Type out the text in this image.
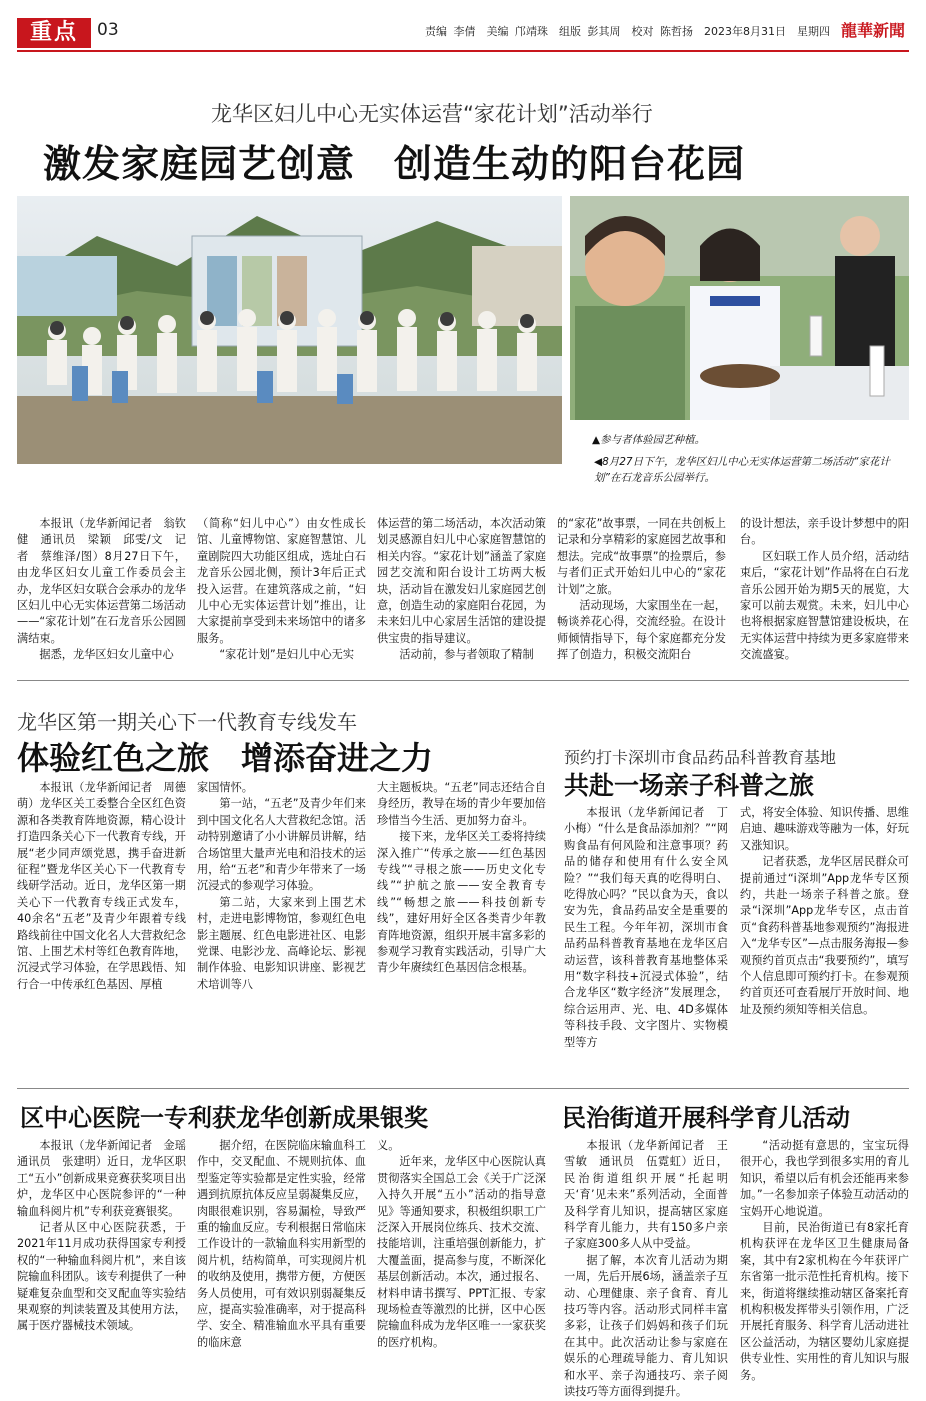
重点	03	责编 李倩　美编 邝靖珠　组版 彭其周　校对 陈哲扬　2023年8月31日　星期四 龍華新聞
龙华区妇儿中心无实体运营“家花计划”活动举行
激发家庭园艺创意　创造生动的阳台花园
▲参与者体验园艺种植。
◀8月27日下午，龙华区妇儿中心无实体运营第二场活动“家花计划”在石龙音乐公园举行。

本报讯（龙华新闻记者　翁钦健　通讯员　梁颖　邱雯/文　记者　蔡维泽/图）8月27日下午，由龙华区妇女儿童工作委员会主办，龙华区妇女联合会承办的龙华区妇儿中心无实体运营第二场活动——“家花计划”在石龙音乐公园圆满结束。

据悉，龙华区妇女儿童中心

（简称“妇儿中心”）由女性成长馆、儿童博物馆、家庭智慧馆、儿童剧院四大功能区组成，选址白石龙音乐公园北侧，预计3年后正式投入运营。在建筑落成之前，“妇儿中心无实体运营计划”推出，让大家提前享受到未来场馆中的诸多服务。

“家花计划”是妇儿中心无实

体运营的第二场活动，本次活动策划灵感源自妇儿中心家庭智慧馆的相关内容。“家花计划”涵盖了家庭园艺交流和阳台设计工坊两大板块，活动旨在激发妇儿家庭园艺创意，创造生动的家庭阳台花园，为未来妇儿中心家居生活馆的建设提供宝贵的指导建议。

活动前，参与者领取了精制

的“家花”故事票，一同在共创板上记录和分享精彩的家庭园艺故事和想法。完成“故事票”的捡票后，参与者们正式开始妇儿中心的“家花计划”之旅。

活动现场，大家围坐在一起，畅谈养花心得，交流经验。在设计师倾情指导下，每个家庭都充分发挥了创造力，积极交流阳台

的设计想法，亲手设计梦想中的阳台。

区妇联工作人员介绍，活动结束后，“家花计划”作品将在白石龙音乐公园开始为期5天的展览，大家可以前去观赏。未来，妇儿中心也将根据家庭智慧馆建设板块，在无实体运营中持续为更多家庭带来交流盛宴。

龙华区第一期关心下一代教育专线发车
体验红色之旅　增添奋进之力

本报讯（龙华新闻记者　周德萌）龙华区关工委整合全区红色资源和各类教育阵地资源，精心设计打造四条关心下一代教育专线，开展“老少同声颂党恩，携手奋进新征程”暨龙华区关心下一代教育专线研学活动。近日，龙华区第一期关心下一代教育专线正式发车，40余名“五老”及青少年跟着专线路线前往中国文化名人大营救纪念馆、上围艺术村等红色教育阵地，沉浸式学习体验，在学思践悟、知行合一中传承红色基因、厚植

家国情怀。

第一站，“五老”及青少年们来到中国文化名人大营救纪念馆。活动特别邀请了小小讲解员讲解，结合场馆里大量声光电和沿技术的运用，给“五老”和青少年带来了一场沉浸式的参观学习体验。

第二站，大家来到上围艺术村，走进电影博物馆，参观红色电影主题展、红色电影进社区、电影党课、电影沙龙、高峰论坛、影视制作体验、电影知识讲座、影视艺术培训等八

大主题板块。“五老”同志还结合自身经历，教导在场的青少年要加倍珍惜当今生活、更加努力奋斗。

接下来，龙华区关工委将持续深入推广“传承之旅——红色基因专线”“寻根之旅——历史文化专线”“护航之旅——安全教育专线”“畅想之旅——科技创新专线”，建好用好全区各类青少年教育阵地资源，组织开展丰富多彩的参观学习教育实践活动，引导广大青少年赓续红色基因信念根基。

预约打卡深圳市食品药品科普教育基地
共赴一场亲子科普之旅

本报讯（龙华新闻记者　丁小梅）“什么是食品添加剂？”“网购食品有何风险和注意事项？药品的储存和使用有什么安全风险？”“我们每天真的吃得明白、吃得放心吗？”民以食为天，食以安为先，食品药品安全是重要的民生工程。今年年初，深圳市食品药品科普教育基地在龙华区启动运营，该科普教育基地整体采用“数字科技+沉浸式体验”，结合龙华区“数字经济”发展理念，综合运用声、光、电、4D多媒体等科技手段、文字图片、实物模型等方

式，将安全体验、知识传播、思维启迪、趣味游戏等融为一体，好玩又涨知识。

记者获悉，龙华区居民群众可提前通过“i深圳”App龙华专区预约，共赴一场亲子科普之旅。登录“i深圳”App龙华专区，点击首页“食药科普基地参观预约”海报进入“龙华专区”—点击服务海报—参观预约首页点击“我要预约”，填写个人信息即可预约打卡。在参观预约首页还可查看展厅开放时间、地址及预约须知等相关信息。

区中心医院一专利获龙华创新成果银奖

本报讯（龙华新闻记者　金瑶　通讯员　张建明）近日，龙华区职工“五小”创新成果竞赛获奖项目出炉，龙华区中心医院参评的“一种输血科阅片机”专利获竞赛银奖。

记者从区中心医院获悉，于2021年11月成功获得国家专利授权的“一种输血科阅片机”，来自该院输血科团队。该专利提供了一种疑难复杂血型和交叉配血等实验结果观察的判读装置及其使用方法，属于医疗器械技术领域。

据介绍，在医院临床输血科工作中，交叉配血、不规则抗体、血型鉴定等实验都是定性实验，经常遇到抗原抗体反应呈弱凝集反应，肉眼很难识别，容易漏检，导致严重的输血反应。专利根据日常临床工作设计的一款输血科实用新型的阅片机，结构简单，可实现阅片机的收纳及使用，携带方便，方便医务人员使用，可有效识别弱凝集反应，提高实验准确率，对于提高科学、安全、精准输血水平具有重要的临床意

义。

近年来，龙华区中心医院认真贯彻落实全国总工会《关于广泛深入持久开展“五小”活动的指导意见》等通知要求，积极组织职工广泛深入开展岗位练兵、技术交流、技能培训，注重培强创新能力，扩大覆盖面，提高参与度，不断深化基层创新活动。本次，通过报名、材料申请书撰写、PPT汇报、专家现场检查等激烈的比拼，区中心医院输血科成为龙华区唯一一家获奖的医疗机构。

民治街道开展科学育儿活动

本报讯（龙华新闻记者　王雪敏　通讯员　伍霓虹）近日，民治街道组织开展“托起明天‘育’见未来”系列活动，全面普及科学育儿知识，提高辖区家庭科学育儿能力，共有150多户亲子家庭300多人从中受益。

据了解，本次育儿活动为期一周，先后开展6场，涵盖亲子互动、心理健康、亲子食育、育儿技巧等内容。活动形式同样丰富多彩，让孩子们妈妈和孩子们玩在其中。此次活动让参与家庭在娱乐的心理疏导能力、育儿知识和水平、亲子沟通技巧、亲子阅读技巧等方面得到提升。

“活动挺有意思的，宝宝玩得很开心，我也学到很多实用的育儿知识，希望以后有机会还能再来参加。”一名参加亲子体验互动活动的宝妈开心地说道。

目前，民治街道已有8家托育机构获评在龙华区卫生健康局备案，其中有2家机构在今年获评广东省第一批示范性托育机构。接下来，街道将继续推动辖区备案托育机构积极发挥带头引领作用，广泛开展托育服务、科学育儿活动进社区公益活动，为辖区婴幼儿家庭提供专业性、实用性的育儿知识与服务。
